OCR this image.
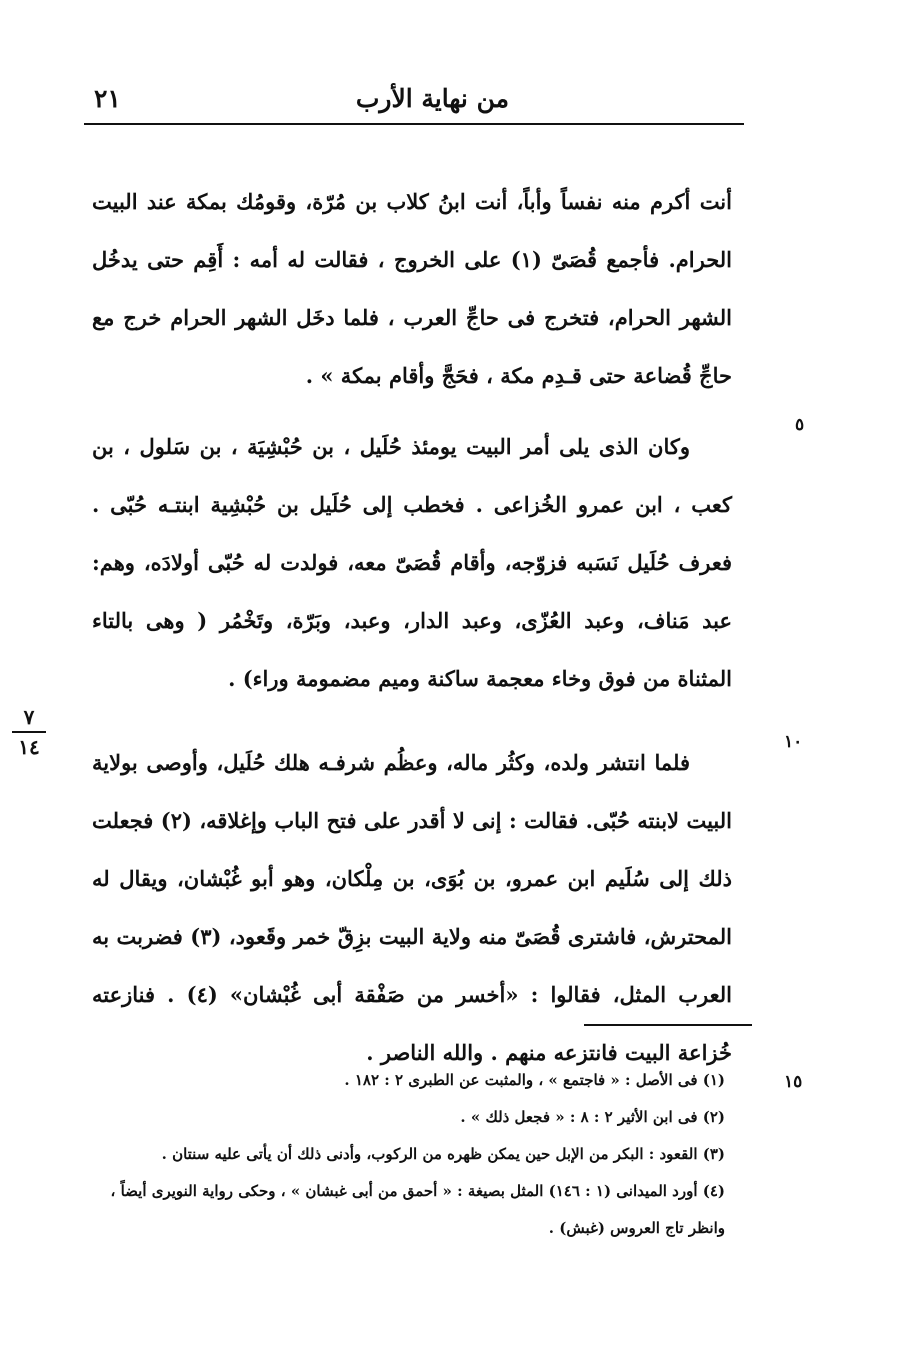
من نهاية الأرب
٢١
٧
١٤
٥
١٠
١٥

أنت أكرم منه نفساً وأباً، أنت ابنُ كلاب بن مُرّة، وقومُك بمكة عند البيت الحرام. فأجمع قُصَىّ (١) على الخروج ، فقالت له أمه : أَقِم حتى يدخُل الشهر الحرام، فتخرج فى حاجِّ العرب ، فلما دخَل الشهر الحرام خرج مع حاجِّ قُضاعة حتى قـدِم مكة ، فحَجَّ وأقام بمكة » .

وكان الذى يلى أمر البيت يومئذ حُلَيل ، بن حُبْشِيَة ، بن سَلول ، بن كعب ، ابن عمرو الخُزاعى . فخطب إلى حُلَيل بن حُبْشِية ابنتـه حُبّى . فعرف حُلَيل نَسَبه فزوّجه، وأقام قُصَىّ معه، فولدت له حُبّى أولادَه، وهم: عبد مَناف، وعبد العُزّى، وعبد الدار، وعبد، وبَرّة، وتَخْمُر ( وهى بالتاء المثناة من فوق وخاء معجمة ساكنة وميم مضمومة وراء) .

فلما انتشر ولده، وكثُر ماله، وعظُم شرفـه هلك حُلَيل، وأوصى بولاية البيت لابنته حُبّى. فقالت : إنى لا أقدر على فتح الباب وإغلاقه، (٢) فجعلت ذلك إلى سُلَيم ابن عمرو، بن بُوَى، بن مِلْكان، وهو أبو غُبْشان، ويقال له المحترش، فاشترى قُصَىّ منه ولاية البيت بزِقّ خمر وقَعود، (٣) فضربت به العرب المثل، فقالوا : «أخسر من صَفْقة أبى غُبْشان» (٤) . فنازعته خُزاعة البيت فانتزعه منهم . والله الناصر .

(١) فى الأصل : « فاجتمع » ، والمثبت عن الطبرى ٢ : ١٨٢ .

(٢) فى ابن الأثير ٢ : ٨ : « فجعل ذلك » .

(٣) القعود : البكر من الإبل حين يمكن ظهره من الركوب، وأدنى ذلك أن يأتى عليه سنتان .

(٤) أورد الميدانى (١ : ١٤٦) المثل بصيغة : « أحمق من أبى غبشان » ، وحكى رواية النويرى أيضاً ، وانظر تاج العروس (غبش) .
